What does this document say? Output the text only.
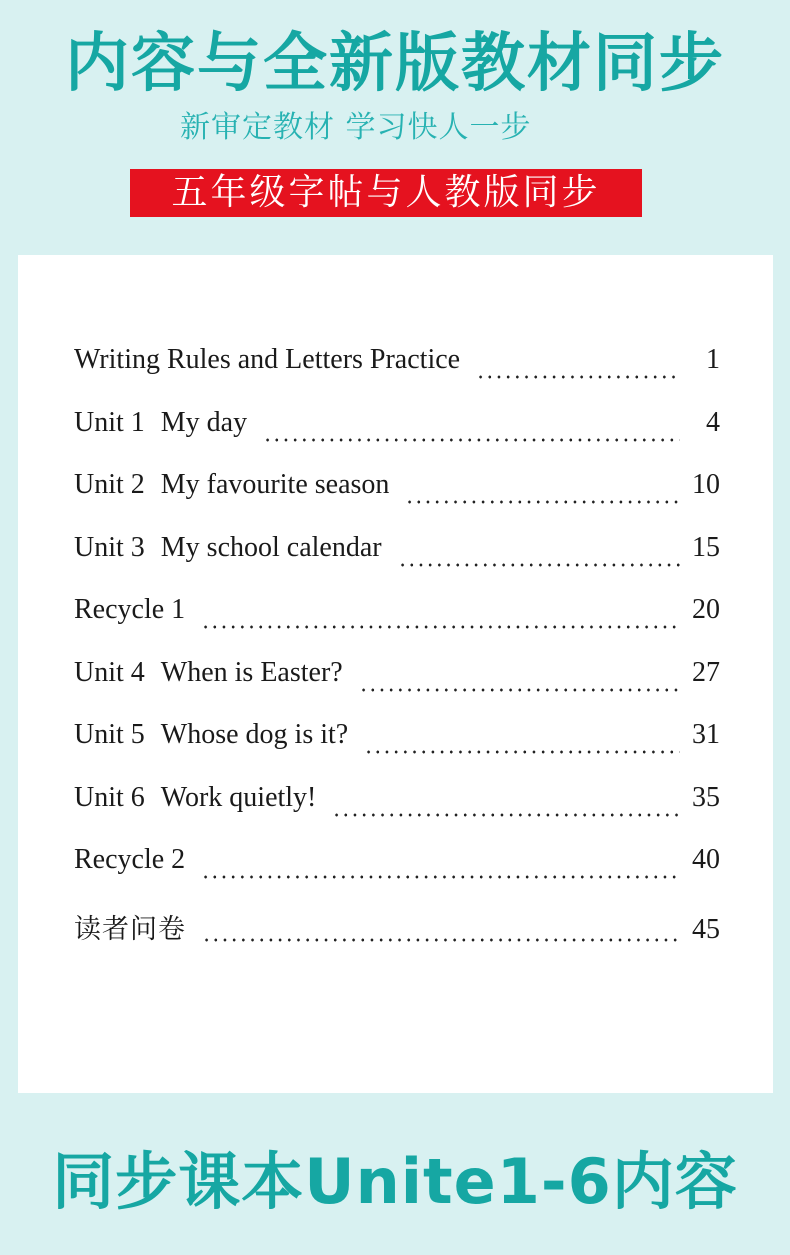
内容与全新版教材同步
新审定教材 学习快人一步
五年级字帖与人教版同步
Writing Rules and Letters Practice	1
Unit 1 My day	4
Unit 2 My favourite season	10
Unit 3 My school calendar	15
Recycle 1	20
Unit 4 When is Easter?	27
Unit 5 Whose dog is it?	31
Unit 6 Work quietly!	35
Recycle 2	40
读者问卷	45
同步课本Unite1-6内容
